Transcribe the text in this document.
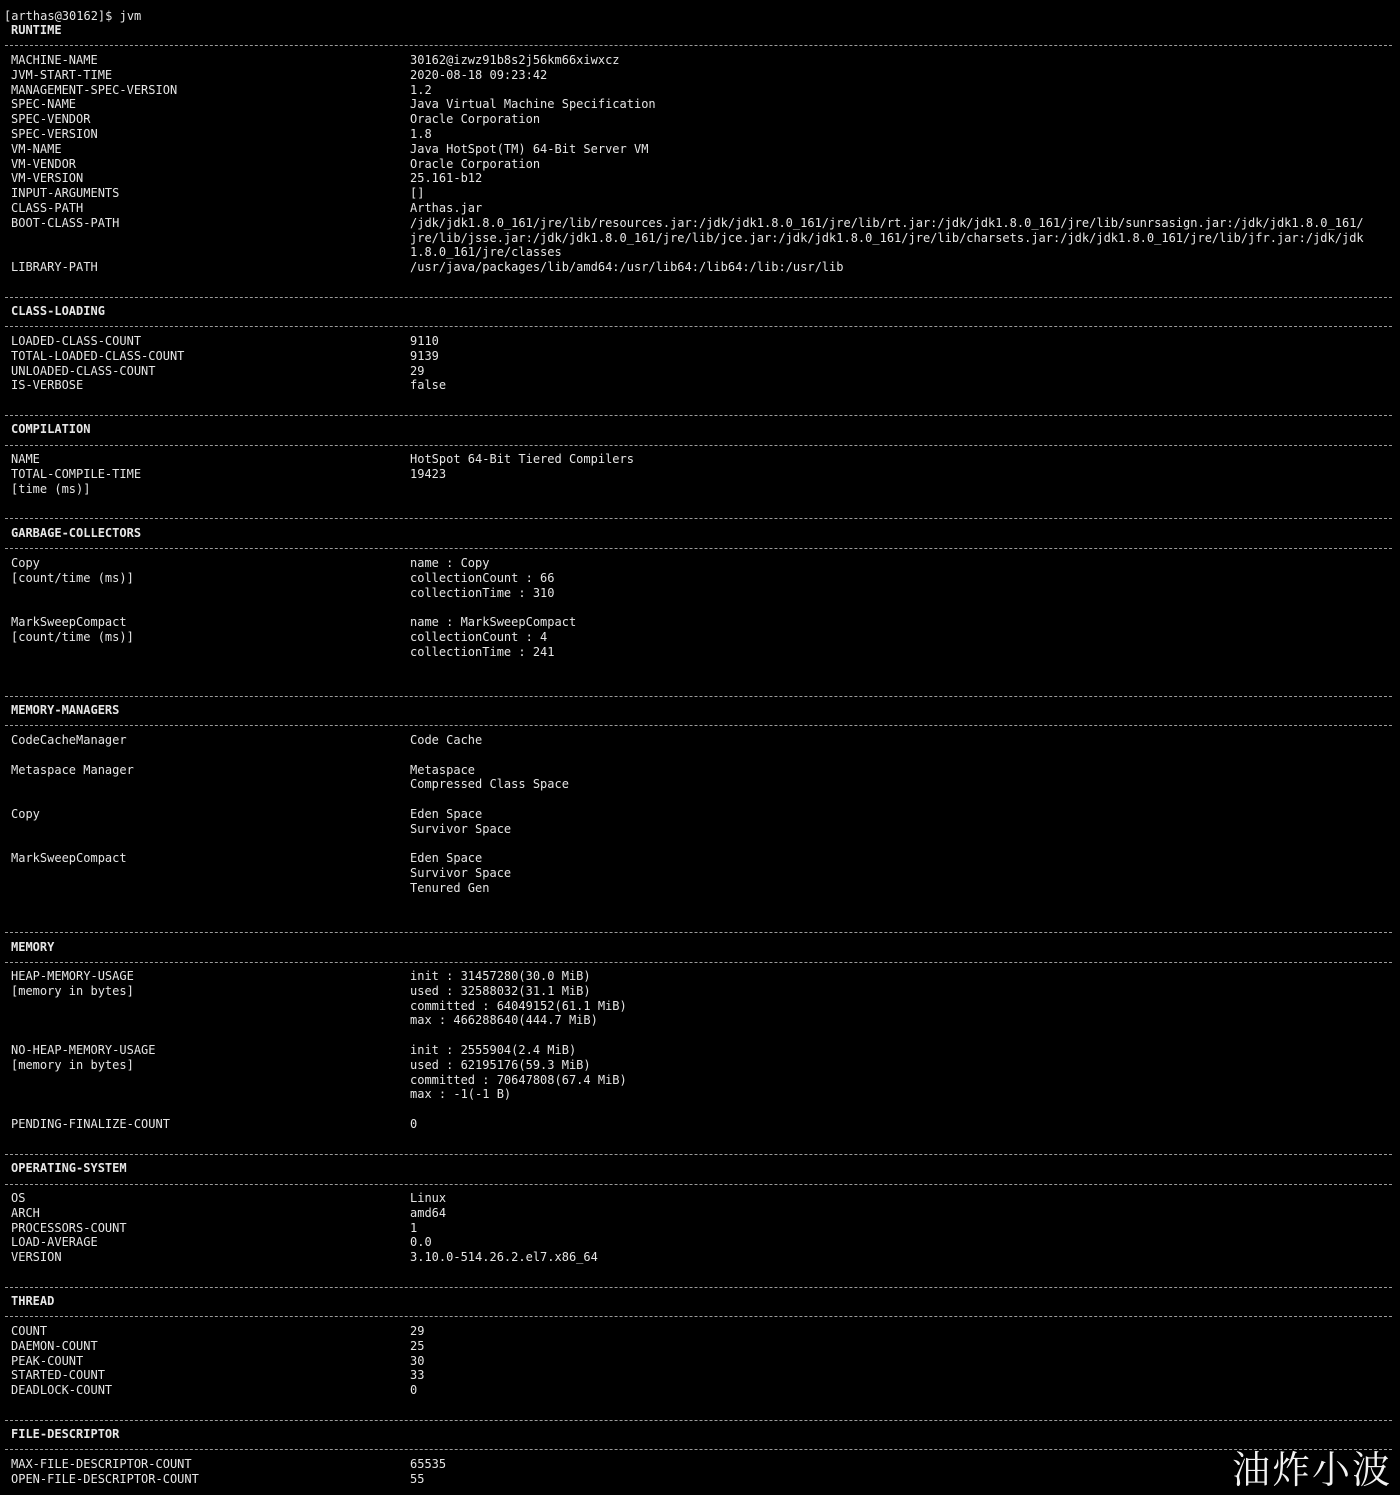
[arthas@30162]$ jvm
RUNTIME
MACHINE-NAME
JVM-START-TIME
MANAGEMENT-SPEC-VERSION
SPEC-NAME
SPEC-VENDOR
SPEC-VERSION
VM-NAME
VM-VENDOR
VM-VERSION
INPUT-ARGUMENTS
CLASS-PATH
BOOT-CLASS-PATH

LIBRARY-PATH
30162@izwz91b8s2j56km66xiwxcz
2020-08-18 09:23:42
1.2
Java Virtual Machine Specification
Oracle Corporation
1.8
Java HotSpot(TM) 64-Bit Server VM
Oracle Corporation
25.161-b12
[]
Arthas.jar
/jdk/jdk1.8.0_161/jre/lib/resources.jar:/jdk/jdk1.8.0_161/jre/lib/rt.jar:/jdk/jdk1.8.0_161/jre/lib/sunrsasign.jar:/jdk/jdk1.8.0_161/
jre/lib/jsse.jar:/jdk/jdk1.8.0_161/jre/lib/jce.jar:/jdk/jdk1.8.0_161/jre/lib/charsets.jar:/jdk/jdk1.8.0_161/jre/lib/jfr.jar:/jdk/jdk
1.8.0_161/jre/classes
/usr/java/packages/lib/amd64:/usr/lib64:/lib64:/lib:/usr/lib
CLASS-LOADING
LOADED-CLASS-COUNT
TOTAL-LOADED-CLASS-COUNT
UNLOADED-CLASS-COUNT
IS-VERBOSE
9110
9139
29
false
COMPILATION
NAME
TOTAL-COMPILE-TIME
[time (ms)]
HotSpot 64-Bit Tiered Compilers
19423

GARBAGE-COLLECTORS
Copy
[count/time (ms)]

MarkSweepCompact
[count/time (ms)]

name : Copy
collectionCount : 66
collectionTime : 310

name : MarkSweepCompact
collectionCount : 4
collectionTime : 241
MEMORY-MANAGERS
CodeCacheManager

Metaspace Manager

Copy

MarkSweepCompact

Code Cache

Metaspace
Compressed Class Space

Eden Space
Survivor Space

Eden Space
Survivor Space
Tenured Gen
MEMORY
HEAP-MEMORY-USAGE
[memory in bytes]

NO-HEAP-MEMORY-USAGE
[memory in bytes]

PENDING-FINALIZE-COUNT
init : 31457280(30.0 MiB)
used : 32588032(31.1 MiB)
committed : 64049152(61.1 MiB)
max : 466288640(444.7 MiB)

init : 2555904(2.4 MiB)
used : 62195176(59.3 MiB)
committed : 70647808(67.4 MiB)
max : -1(-1 B)

0
OPERATING-SYSTEM
OS
ARCH
PROCESSORS-COUNT
LOAD-AVERAGE
VERSION
Linux
amd64
1
0.0
3.10.0-514.26.2.el7.x86_64
THREAD
COUNT
DAEMON-COUNT
PEAK-COUNT
STARTED-COUNT
DEADLOCK-COUNT
29
25
30
33
0
FILE-DESCRIPTOR
MAX-FILE-DESCRIPTOR-COUNT
OPEN-FILE-DESCRIPTOR-COUNT
65535
55	油炸小波
